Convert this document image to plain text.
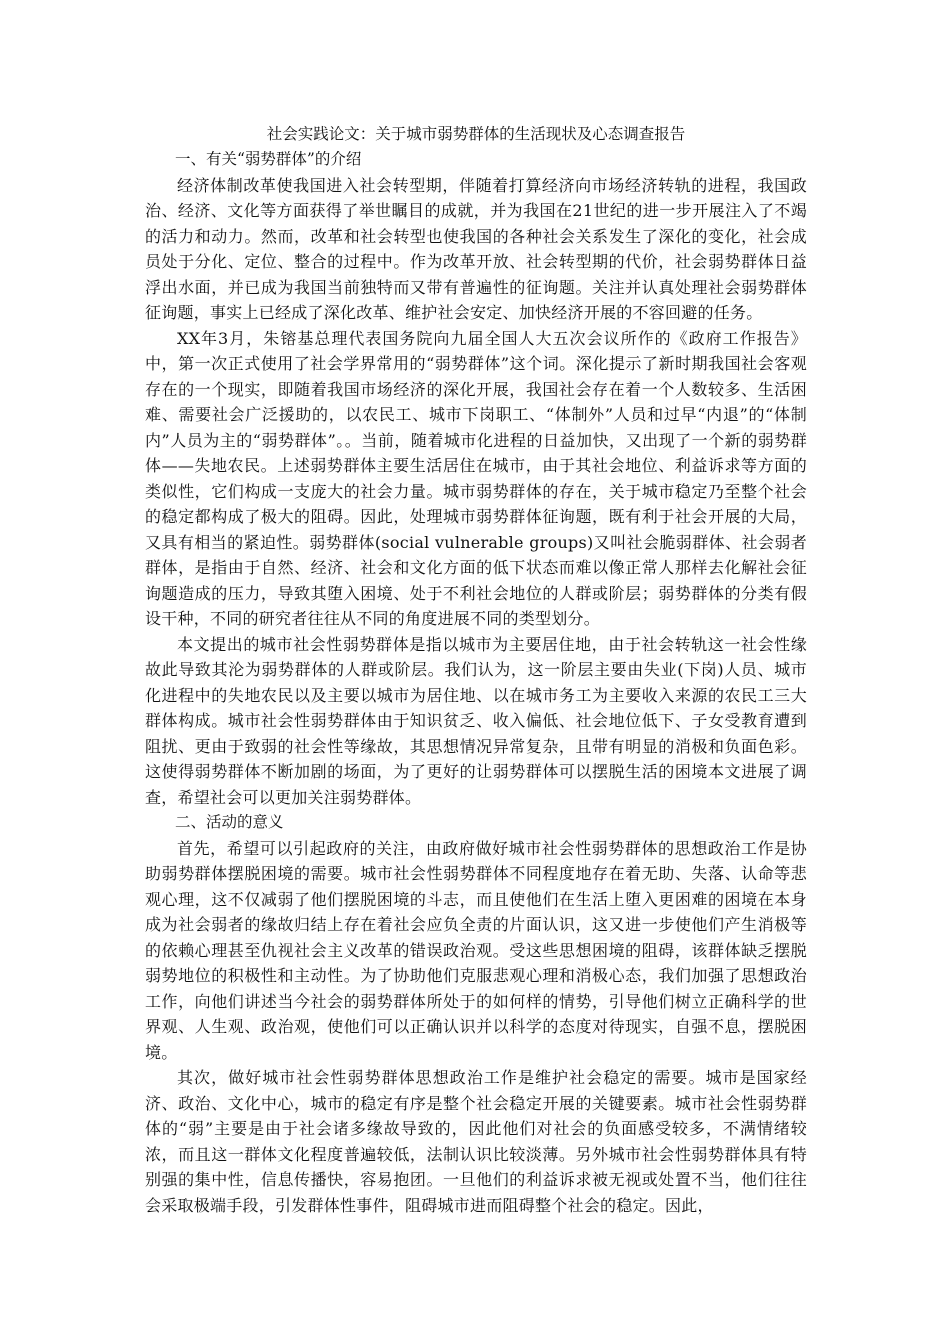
社会实践论文：关于城市弱势群体的生活现状及心态调查报告

一、有关“弱势群体”的介绍

经济体制改革使我国进入社会转型期，伴随着打算经济向市场经济转轨的进程，我国政治、经济、文化等方面获得了举世瞩目的成就，并为我国在21世纪的进一步开展注入了不竭的活力和动力。然而，改革和社会转型也使我国的各种社会关系发生了深化的变化，社会成员处于分化、定位、整合的过程中。作为改革开放、社会转型期的代价，社会弱势群体日益浮出水面，并已成为我国当前独特而又带有普遍性的征询题。关注并认真处理社会弱势群体征询题，事实上已经成了深化改革、维护社会安定、加快经济开展的不容回避的任务。

XX年3月，朱镕基总理代表国务院向九届全国人大五次会议所作的《政府工作报告》中，第一次正式使用了社会学界常用的“弱势群体”这个词。深化提示了新时期我国社会客观存在的一个现实，即随着我国市场经济的深化开展，我国社会存在着一个人数较多、生活困难、需要社会广泛援助的，以农民工、城市下岗职工、“体制外”人员和过早“内退”的“体制内”人员为主的“弱势群体”。。当前，随着城市化进程的日益加快，又出现了一个新的弱势群体——失地农民。上述弱势群体主要生活居住在城市，由于其社会地位、利益诉求等方面的类似性，它们构成一支庞大的社会力量。城市弱势群体的存在，关于城市稳定乃至整个社会的稳定都构成了极大的阻碍。因此，处理城市弱势群体征询题，既有利于社会开展的大局，又具有相当的紧迫性。弱势群体(social vulnerable groups)又叫社会脆弱群体、社会弱者群体，是指由于自然、经济、社会和文化方面的低下状态而难以像正常人那样去化解社会征询题造成的压力，导致其堕入困境、处于不利社会地位的人群或阶层；弱势群体的分类有假设干种，不同的研究者往往从不同的角度进展不同的类型划分。

本文提出的城市社会性弱势群体是指以城市为主要居住地，由于社会转轨这一社会性缘故此导致其沦为弱势群体的人群或阶层。我们认为，这一阶层主要由失业(下岗)人员、城市化进程中的失地农民以及主要以城市为居住地、以在城市务工为主要收入来源的农民工三大群体构成。城市社会性弱势群体由于知识贫乏、收入偏低、社会地位低下、子女受教育遭到阻扰、更由于致弱的社会性等缘故，其思想情况异常复杂，且带有明显的消极和负面色彩。这使得弱势群体不断加剧的场面，为了更好的让弱势群体可以摆脱生活的困境本文进展了调查，希望社会可以更加关注弱势群体。

二、活动的意义

首先，希望可以引起政府的关注，由政府做好城市社会性弱势群体的思想政治工作是协助弱势群体摆脱困境的需要。城市社会性弱势群体不同程度地存在着无助、失落、认命等悲观心理，这不仅减弱了他们摆脱困境的斗志，而且使他们在生活上堕入更困难的困境在本身成为社会弱者的缘故归结上存在着社会应负全责的片面认识，这又进一步使他们产生消极等的依赖心理甚至仇视社会主义改革的错误政治观。受这些思想困境的阻碍，该群体缺乏摆脱弱势地位的积极性和主动性。为了协助他们克服悲观心理和消极心态，我们加强了思想政治工作，向他们讲述当今社会的弱势群体所处于的如何样的情势，引导他们树立正确科学的世界观、人生观、政治观，使他们可以正确认识并以科学的态度对待现实，自强不息，摆脱困境。

其次，做好城市社会性弱势群体思想政治工作是维护社会稳定的需要。城市是国家经济、政治、文化中心，城市的稳定有序是整个社会稳定开展的关键要素。城市社会性弱势群体的“弱”主要是由于社会诸多缘故导致的，因此他们对社会的负面感受较多，不满情绪较浓，而且这一群体文化程度普遍较低，法制认识比较淡薄。另外城市社会性弱势群体具有特别强的集中性，信息传播快，容易抱团。一旦他们的利益诉求被无视或处置不当，他们往往会采取极端手段，引发群体性事件，阻碍城市进而阻碍整个社会的稳定。因此，
